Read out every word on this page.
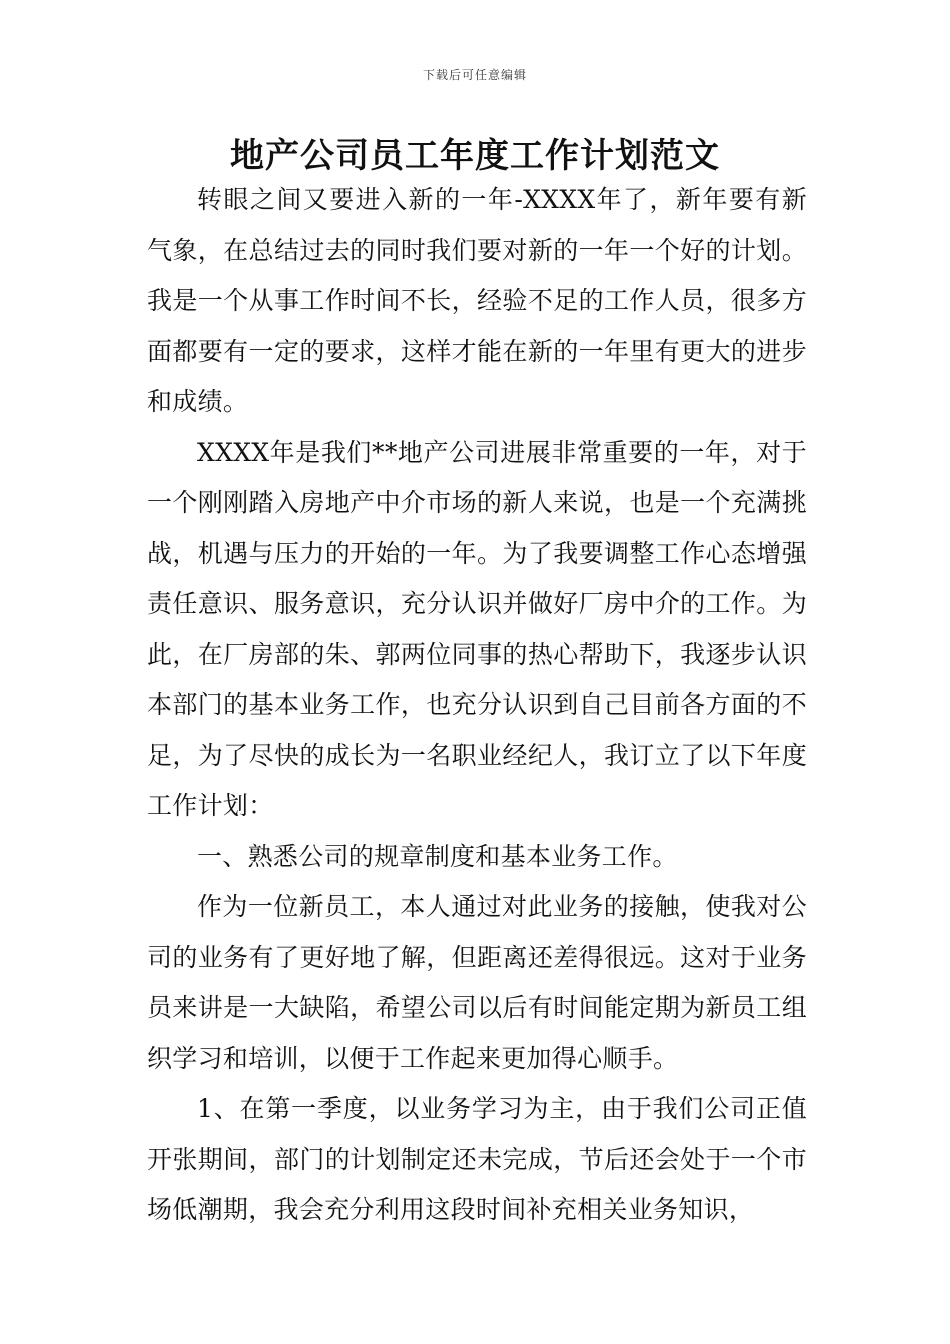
下载后可任意编辑
地产公司员工年度工作计划范文

转眼之间又要进入新的一年-XXXX年了，新年要有新气象，在总结过去的同时我们要对新的一年一个好的计划。我是一个从事工作时间不长，经验不足的工作人员，很多方面都要有一定的要求，这样才能在新的一年里有更大的进步和成绩。

XXXX年是我们**地产公司进展非常重要的一年，对于一个刚刚踏入房地产中介市场的新人来说，也是一个充满挑战，机遇与压力的开始的一年。为了我要调整工作心态增强责任意识、服务意识，充分认识并做好厂房中介的工作。为此，在厂房部的朱、郭两位同事的热心帮助下，我逐步认识本部门的基本业务工作，也充分认识到自己目前各方面的不足，为了尽快的成长为一名职业经纪人，我订立了以下年度工作计划：

一、熟悉公司的规章制度和基本业务工作。

作为一位新员工，本人通过对此业务的接触，使我对公司的业务有了更好地了解，但距离还差得很远。这对于业务员来讲是一大缺陷，希望公司以后有时间能定期为新员工组织学习和培训，以便于工作起来更加得心顺手。

1、在第一季度，以业务学习为主，由于我们公司正值开张期间，部门的计划制定还未完成，节后还会处于一个市场低潮期，我会充分利用这段时间补充相关业务知识，
